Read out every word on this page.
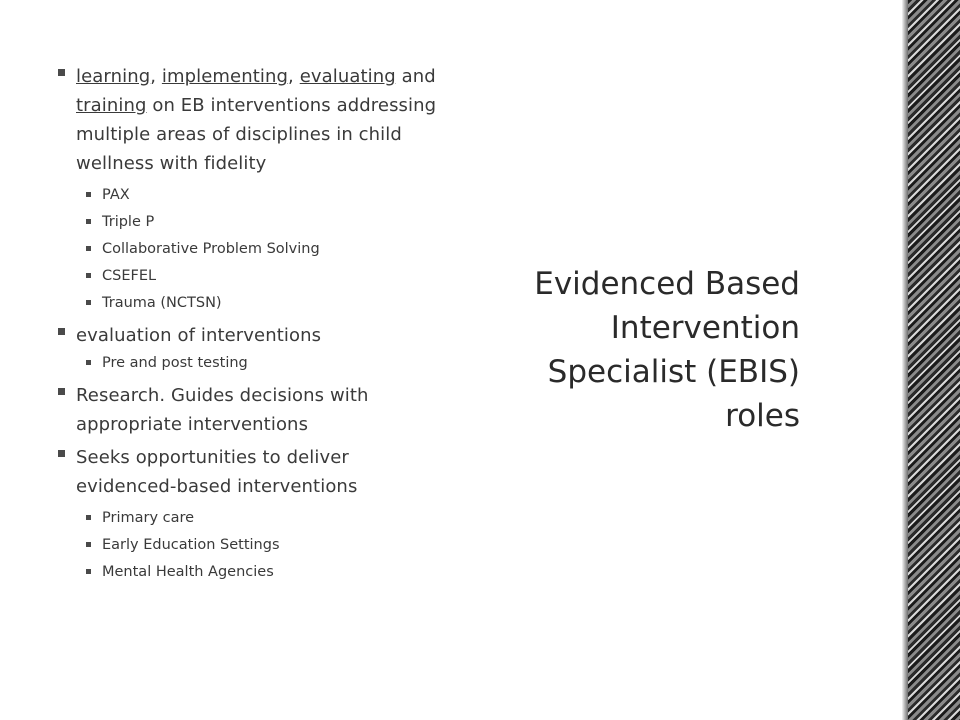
learning, implementing, evaluating and training on EB interventions addressing multiple areas of disciplines in child wellness with fidelity
PAX
Triple P
Collaborative Problem Solving
CSEFEL
Trauma (NCTSN)
evaluation of interventions
Pre and post testing
Research. Guides decisions with appropriate interventions
Seeks opportunities to deliver evidenced-based interventions
Primary care
Early Education Settings
Mental Health Agencies
Evidenced Based Intervention Specialist (EBIS) roles
